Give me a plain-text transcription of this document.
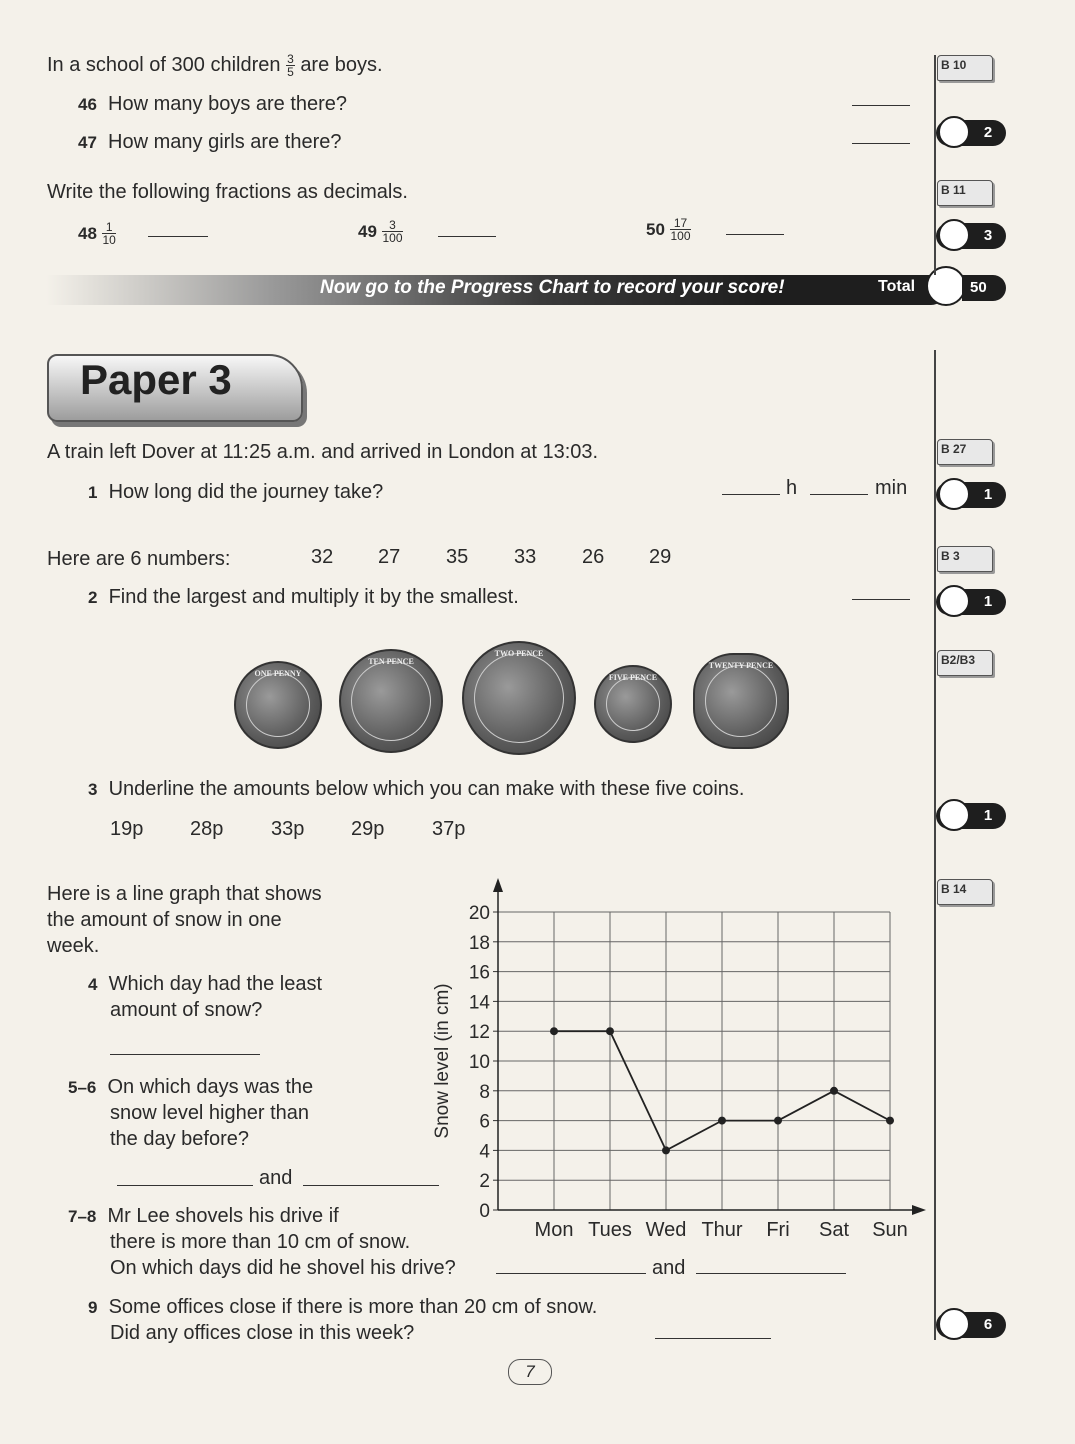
In a school of 300 children $\frac{3}{5}$ are boys.
46 How many boys are there?
47 How many girls are there?
Write the following fractions as decimals.
$48 \frac{1}{10}$	$49 \frac{3}{100}$	$50 \frac{17}{100}$
Now go to the Progress Chart to record your score!	Total	50
Paper 3
A train left Dover at 11:25 a.m. and arrived in London at 13:03.
1 How long did the journey take?	h	min
Here are 6 numbers:	32 27 35 33 26 29
2 Find the largest and multiply it by the smallest.
ONE PENNY
TEN PENCE
TWO PENCE
FIVE PENCE
TWENTY PENCE
3 Underline the amounts below which you can make with these five coins.
19p 28p 33p 29p 37p
Here is a line graph that shows
the amount of snow in one
week.
4 Which day had the least
amount of snow?
5–6 On which days was the
snow level higher than
the day before?
and
7–8 Mr Lee shovels his drive if
there is more than 10 cm of snow.
On which days did he shovel his drive?	and
9 Some offices close if there is more than 20 cm of snow.
Did any offices close in this week?
0
2
4
6
8
10
12
14
16
18
20
Mon Tues Wed Thur Fri Sat Sun
Snow level (in cm)
B 10
B 11
B 27
B 3
B2/B3
B 14
2
3
1
1
1
6
7
